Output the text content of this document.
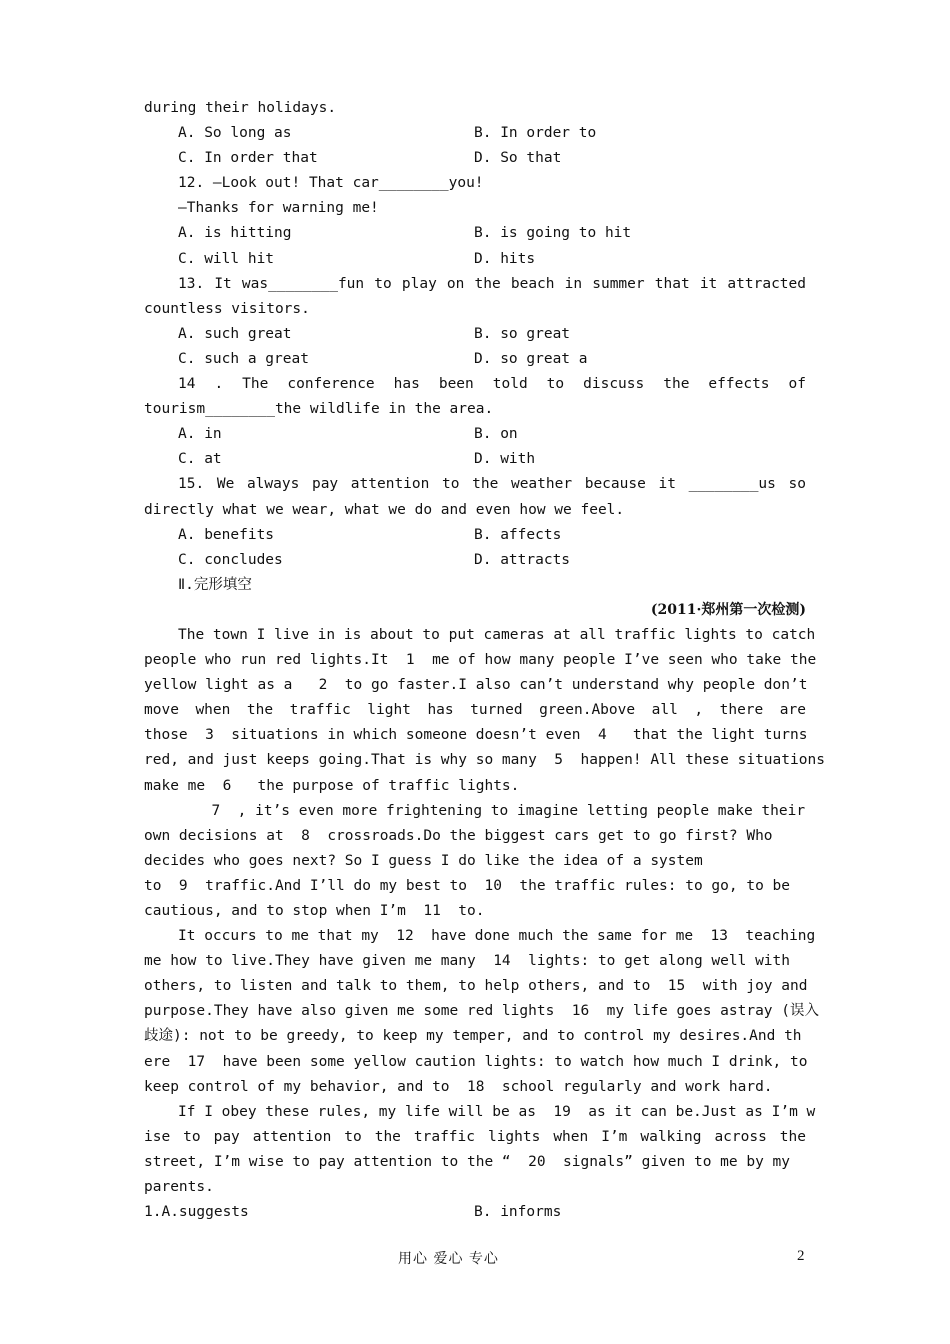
during their holidays.
A. So long as	B. In order to
C. In order that	D. So that
12. —Look out! That car________you!
—Thanks for warning me!
A. is hitting	B. is going to hit
C. will hit	D. hits
13. It was________fun to play on the beach in summer that it attracted
countless visitors.
A. such great	B. so great
C. such a great	D. so great a
14 . The conference has been told to discuss the effects of
tourism________the wildlife in the area.
A. in	B. on
C. at	D. with
15. We always pay attention to the weather because it ________us so
directly what we wear, what we do and even how we feel.
A. benefits	B. affects
C. concludes	D. attracts
Ⅱ.完形填空
(2011·郑州第一次检测)
The town I live in is about to put cameras at all traffic lights to catch
people who run red lights.It  1  me of how many people I’ve seen who take the
yellow light as a   2  to go faster.I also can’t understand why people don’t
move when the traffic light has turned green.Above all , there are
those  3  situations in which someone doesn’t even  4   that the light turns
red, and just keeps going.That is why so many  5  happen! All these situations
make me  6   the purpose of traffic lights.
7  , it’s even more frightening to imagine letting people make their
own decisions at  8  crossroads.Do the biggest cars get to go first? Who
decides who goes next? So I guess I do like the idea of a system
to  9  traffic.And I’ll do my best to  10  the traffic rules: to go, to be
cautious, and to stop when I’m  11  to.
It occurs to me that my  12  have done much the same for me  13  teaching
me how to live.They have given me many  14  lights: to get along well with
others, to listen and talk to them, to help others, and to  15  with joy and
purpose.They have also given me some red lights  16  my life goes astray (误入
歧途): not to be greedy, to keep my temper, and to control my desires.And th
ere  17  have been some yellow caution lights: to watch how much I drink, to
keep control of my behavior, and to  18  school regularly and work hard.
If I obey these rules, my life will be as  19  as it can be.Just as I’m w
ise to pay attention to the traffic lights when I’m walking across the
street, I’m wise to pay attention to the “  20  signals” given to me by my
parents.
1.A.suggests	B. informs
用心 爱心 专心	2
